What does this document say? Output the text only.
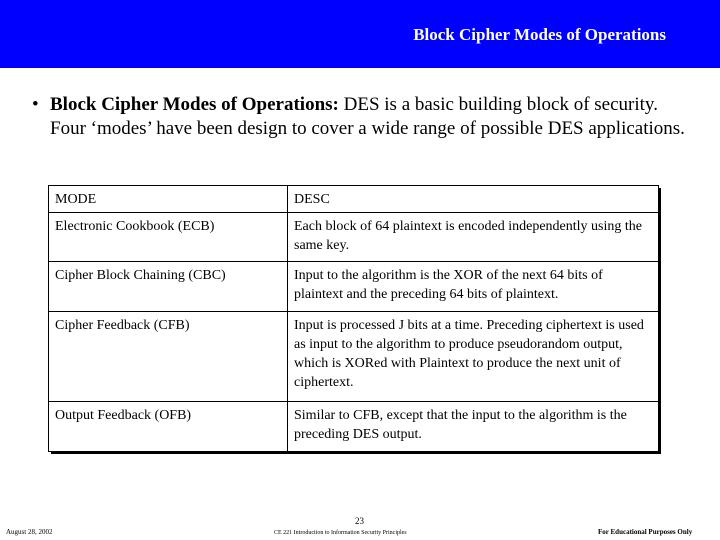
Block Cipher Modes of Operations
• Block Cipher Modes of Operations: DES is a basic building block of security. Four ‘modes’ have been design to cover a wide range of possible DES applications.
MODE	DESC
Electronic Cookbook (ECB)	Each block of 64 plaintext is encoded independently using the same key.
Cipher Block Chaining (CBC)	Input to the algorithm is the XOR of the next 64 bits of plaintext and the preceding 64 bits of plaintext.
Cipher Feedback (CFB)	Input is processed J bits at a time. Preceding ciphertext is used as input to the algorithm to produce pseudorandom output, which is XORed with Plaintext to produce the next unit of ciphertext.
Output Feedback (OFB)	Similar to CFB, except that the input to the algorithm is the preceding DES output.
23
August 28, 2002	CE 221 Introduction to Information Security Principles	For Educational Purposes Only
